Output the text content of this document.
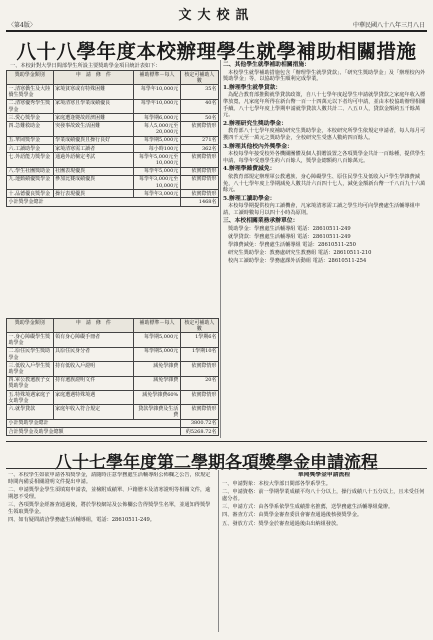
文大校訊
〈第4版〉	中華民國八十八年三月八日
八十八學年度本校辦理學生就學補助相關措施
一、本校針對大學日間部學生所設主要獎助學金項目統計表如下：
獎助學金類別	申　請　條　件	補助標準－每人	核定可補助人數
一.清寒僑生及大陸僑生獎學金	家境貧寒或有特殊困難	每學年10,000元	35名
二.清寒優秀學生獎學金	家境清寒且學業成績優良	每學年10,000元	40名
三.愛心獎學金	家庭遭逢變故經濟困難	每學期6,000元	50名
四.急難救助金	突發事故致生活困難	每人5,000元至20,000元	依實際情形
五.華岡獎學金	學業成績優異且操行良好	每學期5,000元	271名
六.工讀助學金	家境清寒需工讀者	每小時100元	362名
七.外語能力獎學金	通過外語檢定考試	每學年5,000元至10,000元	依實際情形
八.學生社團獎助金	社團表現優異	每學年5,000元	依實際情形
九.運動績優獎學金	參加比賽成績優異	每學年3,000元至10,000元	依實際情形
十.品德優良獎學金	操行表現優異	每學年3,000元	依實際情形
小計獎學金總計			1468名
獎助學金類別	申　請　條　件	補助標準－每人	核定可補助人數
一.身心障礙學生獎助學金	領有身心障礙手冊者	每學期5,000元	1學期6名
二.原住民學生獎助學金	具原住民身分者	每學期5,000元	1學期10名
三.低收入戶學生獎助學金	持有低收入戶證明	減免學雜費	依實際情形
四.軍公教遺族子女獎助學金	持有遺族證明文件	減免學雜費	20名
五.特殊境遇家庭子女助學金	家庭遭遇特殊境遇	減免學雜費60%	依實際情形
六.就學貸款	家庭年收入符合規定	貸款學雜費及生活費	依實際情形
小計獎助學金總計			3800.72名
合計獎學金及助學金總額			約5268.72名
二、其他學生就學補助相關措施：

本校學生就學補助措施包含「辦理學生就學貸款」、「研究生獎助學金」及「辦理校內外獎助學金」等，以協助學生順利完成學業。

1.辦理學生就學貸款：

為配合教育部推動就學貸款政策，自八十七學年度起學生申請就學貸款之家庭年收入標準放寬，凡家庭年所得在新台幣一百一十四萬元以下者均可申請，並由本校協助辦理相關手續。八十七學年度上學期申請就學貸款人數共計二、八五０人，貸款金額約五千餘萬元。

2.辦理研究生獎助學金：

教育部八十七學年度補助研究生獎助學金，本校研究所學生依規定申請者，每人每月可獲四千元至一萬元之獎助學金，全校研究生受惠人數約四百餘人。

3.辦理其他校內外獎學金：

本校每學年接受校外各機關團體及個人捐贈設置之各項獎學金共計一百餘種，提供學生申請，每學年受惠學生約六百餘人，獎學金總額約八百餘萬元。

4.辦理學雜費減免：

依教育部規定辦理軍公教遺族、身心障礙學生、原住民學生及低收入戶學生學雜費減免，八十七學年度上學期減免人數共計六百四十七人，減免金額新台幣一千八百九十六萬餘元。

5.辦理工讀助學金：

本校每學期提供校內工讀機會，凡家境清寒需工讀之學生均可向學務處生活輔導組申請，工讀時數每月以四十小時為原則。

三、本校相關業務承辦單位：

獎助學金：學務處生活輔導組 電話：28610511-249

就學貸款：學務處生活輔導組 電話：28610511-249

學雜費減免：學務處生活輔導組 電話：28610511-250

研究生獎助學金：教務處研究生教務組 電話：28610511-210

校內工讀助學金：學務處課外活動組 電話：28610511-254

八十七學年度第二學期各項獎學金申請流程

一、本校學生如欲申請各項獎學金，請隨時注意學務處生活輔導組公佈欄之公告，依規定時間內備妥相關證明文件提出申請。

二、申請獎學金學生須填寫申請表，並檢附成績單、戶籍謄本及清寒證明等相關文件，逾期恕不受理。

三、各項獎學金經審查通過後，將於學校網站及公佈欄公告得獎學生名單，並通知得獎學生領取獎學金。

四、如有疑問請洽學務處生活輔導組，電話：28610511-249。

華岡獎學金申請流程

一、申請對象：本校大學部日間部各學系學生。

二、申請資格：前一學期學業成績平均八十分以上，操行成績八十五分以上，且未受任何處分者。

三、申請方式：由各學系依學生成績排名推薦，送學務處生活輔導組彙辦。

四、審查方式：由獎學金審查委員會審查通過後核發獎學金。

五、發放方式：獎學金於審查通過後由出納組發放。
